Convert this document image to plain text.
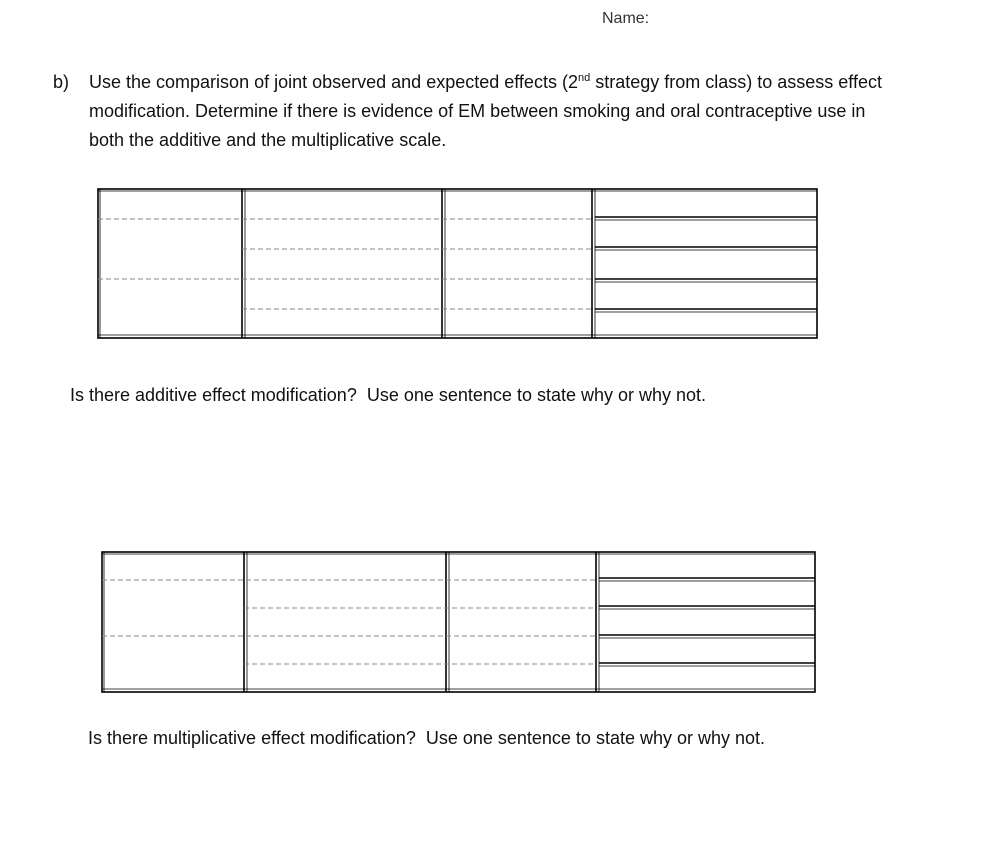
Name:
b) Use the comparison of joint observed and expected effects (2nd strategy from class) to assess effect modification. Determine if there is evidence of EM between smoking and oral contraceptive use in both the additive and the multiplicative scale.
Is there additive effect modification? Use one sentence to state why or why not.
Is there multiplicative effect modification? Use one sentence to state why or why not.
